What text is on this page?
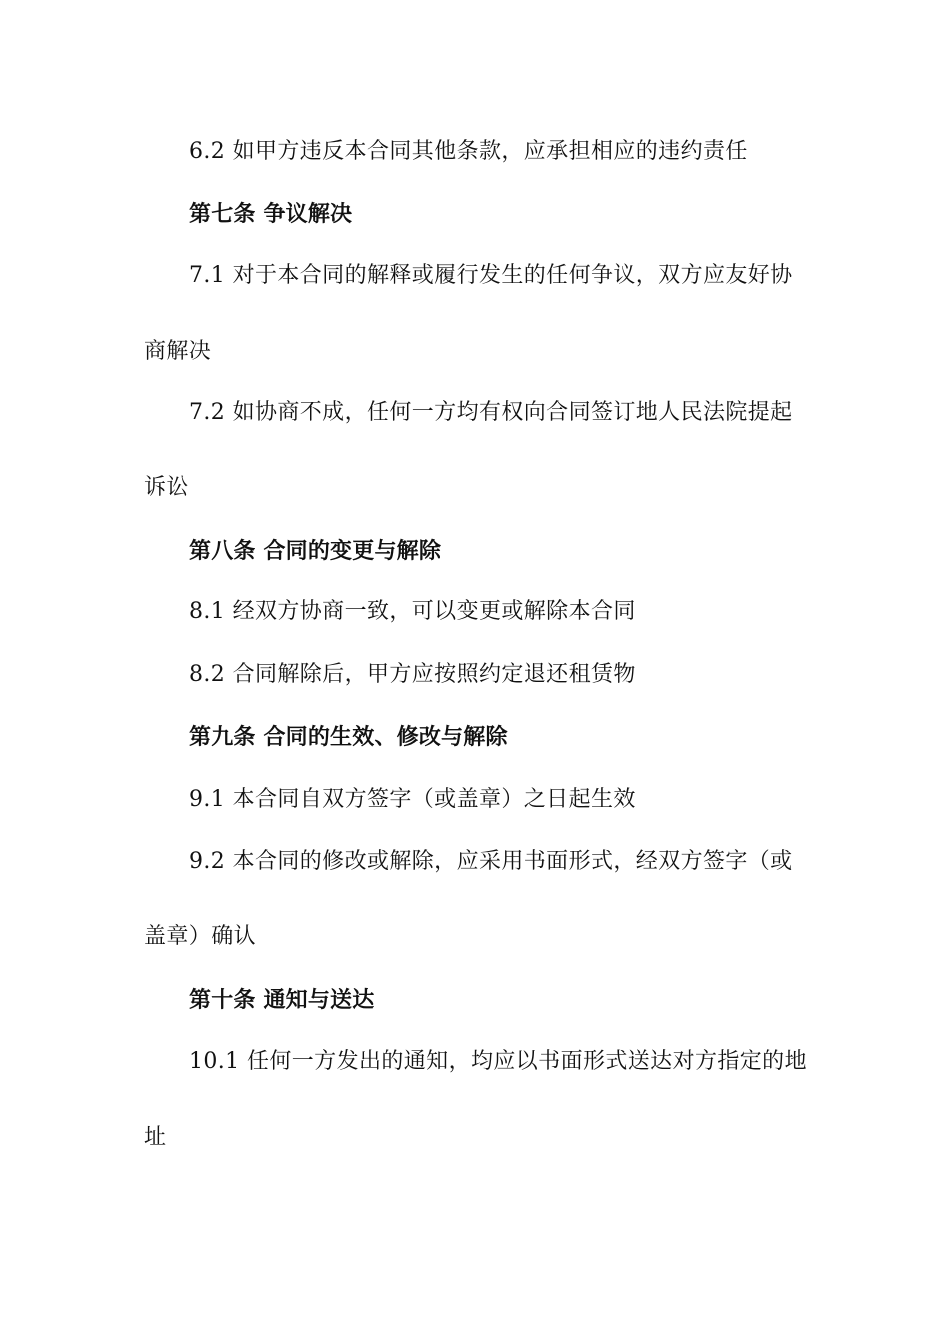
6.2 如甲方违反本合同其他条款，应承担相应的违约责任

第七条 争议解决

7.1 对于本合同的解释或履行发生的任何争议，双方应友好协

商解决

7.2 如协商不成，任何一方均有权向合同签订地人民法院提起

诉讼

第八条 合同的变更与解除

8.1 经双方协商一致，可以变更或解除本合同

8.2 合同解除后，甲方应按照约定退还租赁物

第九条 合同的生效、修改与解除

9.1 本合同自双方签字（或盖章）之日起生效

9.2 本合同的修改或解除，应采用书面形式，经双方签字（或

盖章）确认

第十条 通知与送达

10.1 任何一方发出的通知，均应以书面形式送达对方指定的地

址
